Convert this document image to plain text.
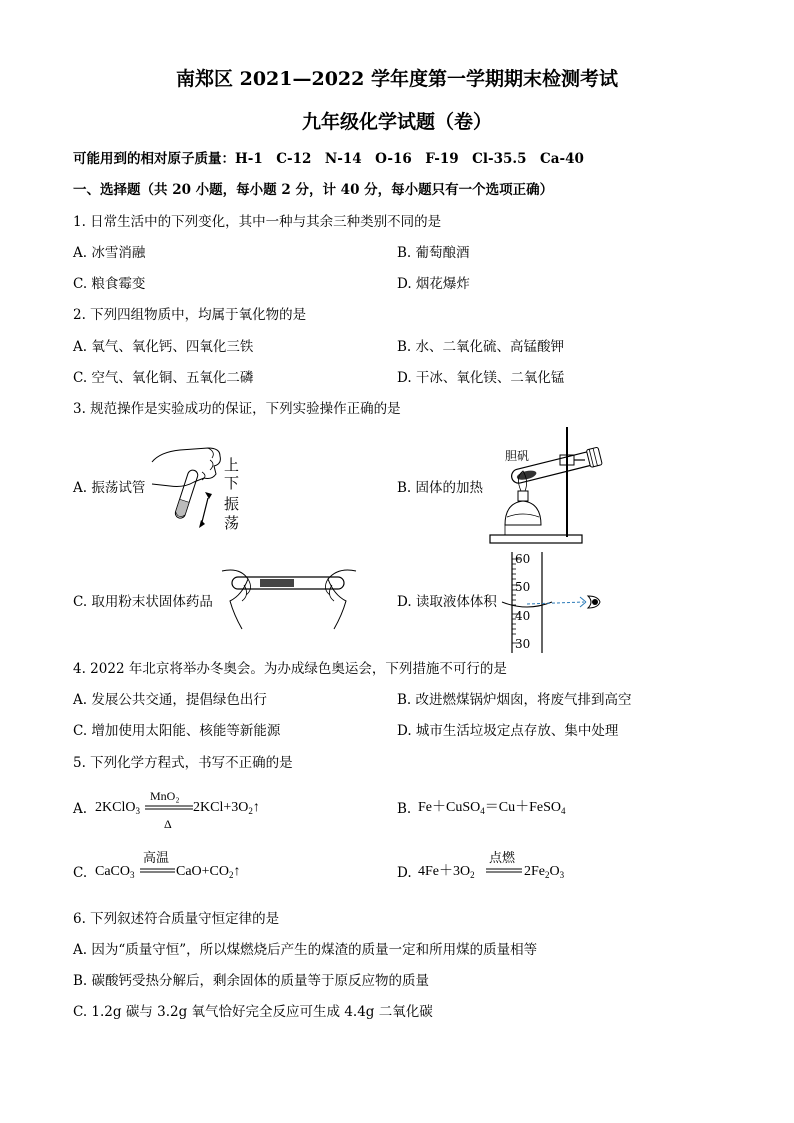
南郑区 2021—2022 学年度第一学期期末检测考试
九年级化学试题（卷）
可能用到的相对原子质量：H-1　C-12　N-14　O-16　F-19　Cl-35.5　Ca-40
一、选择题（共 20 小题，每小题 2 分，计 40 分，每小题只有一个选项正确）
1. 日常生活中的下列变化，其中一种与其余三种类别不同的是
A. 冰雪消融	B. 葡萄酿酒
C. 粮食霉变	D. 烟花爆炸
2. 下列四组物质中，均属于氧化物的是
A. 氧气、氧化钙、四氧化三铁	B. 水、二氧化硫、高锰酸钾
C. 空气、氧化铜、五氧化二磷	D. 干冰、氧化镁、二氧化锰
3. 规范操作是实验成功的保证，下列实验操作正确的是
A. 振荡试管
上
下
振
荡
B. 固体的加热
胆矾
C. 取用粉末状固体药品	D. 读取液体体积
60
50
40
30
4. 2022 年北京将举办冬奥会。为办成绿色奥运会，下列措施不可行的是
A. 发展公共交通，提倡绿色出行	B. 改进燃煤锅炉烟囱，将废气排到高空
C. 增加使用太阳能、核能等新能源	D. 城市生活垃圾定点存放、集中处理
5. 下列化学方程式，书写不正确的是
A. 2KClO$_3$
MnO₂
Δ
$2KCl+3O_2↑$	B. Fe＋CuSO$_4$＝Cu＋FeSO$_4$
C. CaCO$_3$
高温
$CaO+CO_2↑$	D. $4Fe+3O_2$
点燃
$2Fe_2O_3$
6. 下列叙述符合质量守恒定律的是
A. 因为“质量守恒”，所以煤燃烧后产生的煤渣的质量一定和所用煤的质量相等
B. 碳酸钙受热分解后，剩余固体的质量等于原反应物的质量
C. 1.2g 碳与 3.2g 氧气恰好完全反应可生成 4.4g 二氧化碳
